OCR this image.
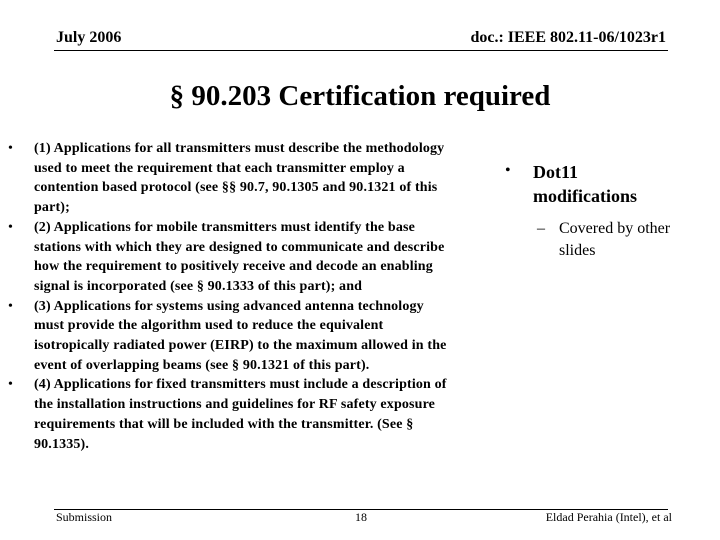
July 2006	doc.: IEEE 802.11-06/1023r1
§ 90.203 Certification required
• (1) Applications for all transmitters must describe the methodology used to meet the requirement that each transmitter employ a contention based protocol (see §§ 90.7, 90.1305 and 90.1321 of this part);
• (2) Applications for mobile transmitters must identify the base stations with which they are designed to communicate and describe how the requirement to positively receive and decode an enabling signal is incorporated (see § 90.1333 of this part); and
• (3) Applications for systems using advanced antenna technology must provide the algorithm used to reduce the equivalent isotropically radiated power (EIRP) to the maximum allowed in the event of overlapping beams (see § 90.1321 of this part).
• (4) Applications for fixed transmitters must include a description of the installation instructions and guidelines for RF safety exposure requirements that will be included with the transmitter. (See § 90.1335).
• Dot11 modifications
– Covered by other slides
Submission	18	Eldad Perahia (Intel), et al
